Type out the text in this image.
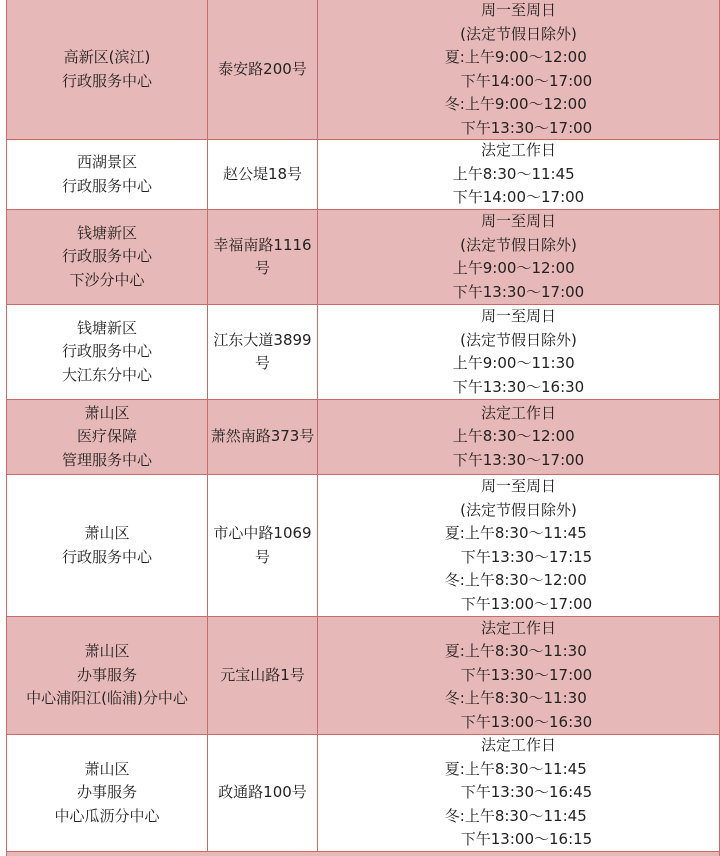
高新区(滨江)
行政服务中心
泰安路200号
周一至周日
(法定节假日除外)
夏:上午9:00～12:00
下午14:00～17:00
冬:上午9:00～12:00
下午13:30～17:00
西湖景区
行政服务中心
赵公堤18号
法定工作日
上午8:30～11:45
下午14:00～17:00
钱塘新区
行政服务中心
下沙分中心
幸福南路1116
号
周一至周日
(法定节假日除外)
上午9:00～12:00
下午13:30～17:00
钱塘新区
行政服务中心
大江东分中心
江东大道3899
号
周一至周日
(法定节假日除外)
上午9:00～11:30
下午13:30～16:30
萧山区
医疗保障
管理服务中心
萧然南路373号
法定工作日
上午8:30～12:00
下午13:30～17:00
萧山区
行政服务中心
市心中路1069
号
周一至周日
(法定节假日除外)
夏:上午8:30～11:45
下午13:30～17:15
冬:上午8:30～12:00
下午13:00～17:00
萧山区
办事服务
中心浦阳江(临浦)分中心
元宝山路1号
法定工作日
夏:上午8:30～11:30
下午13:30～17:00
冬:上午8:30～11:30
下午13:00～16:30
萧山区
办事服务
中心瓜沥分中心
政通路100号
法定工作日
夏:上午8:30～11:45
下午13:30～16:45
冬:上午8:30～11:45
下午13:00～16:15
